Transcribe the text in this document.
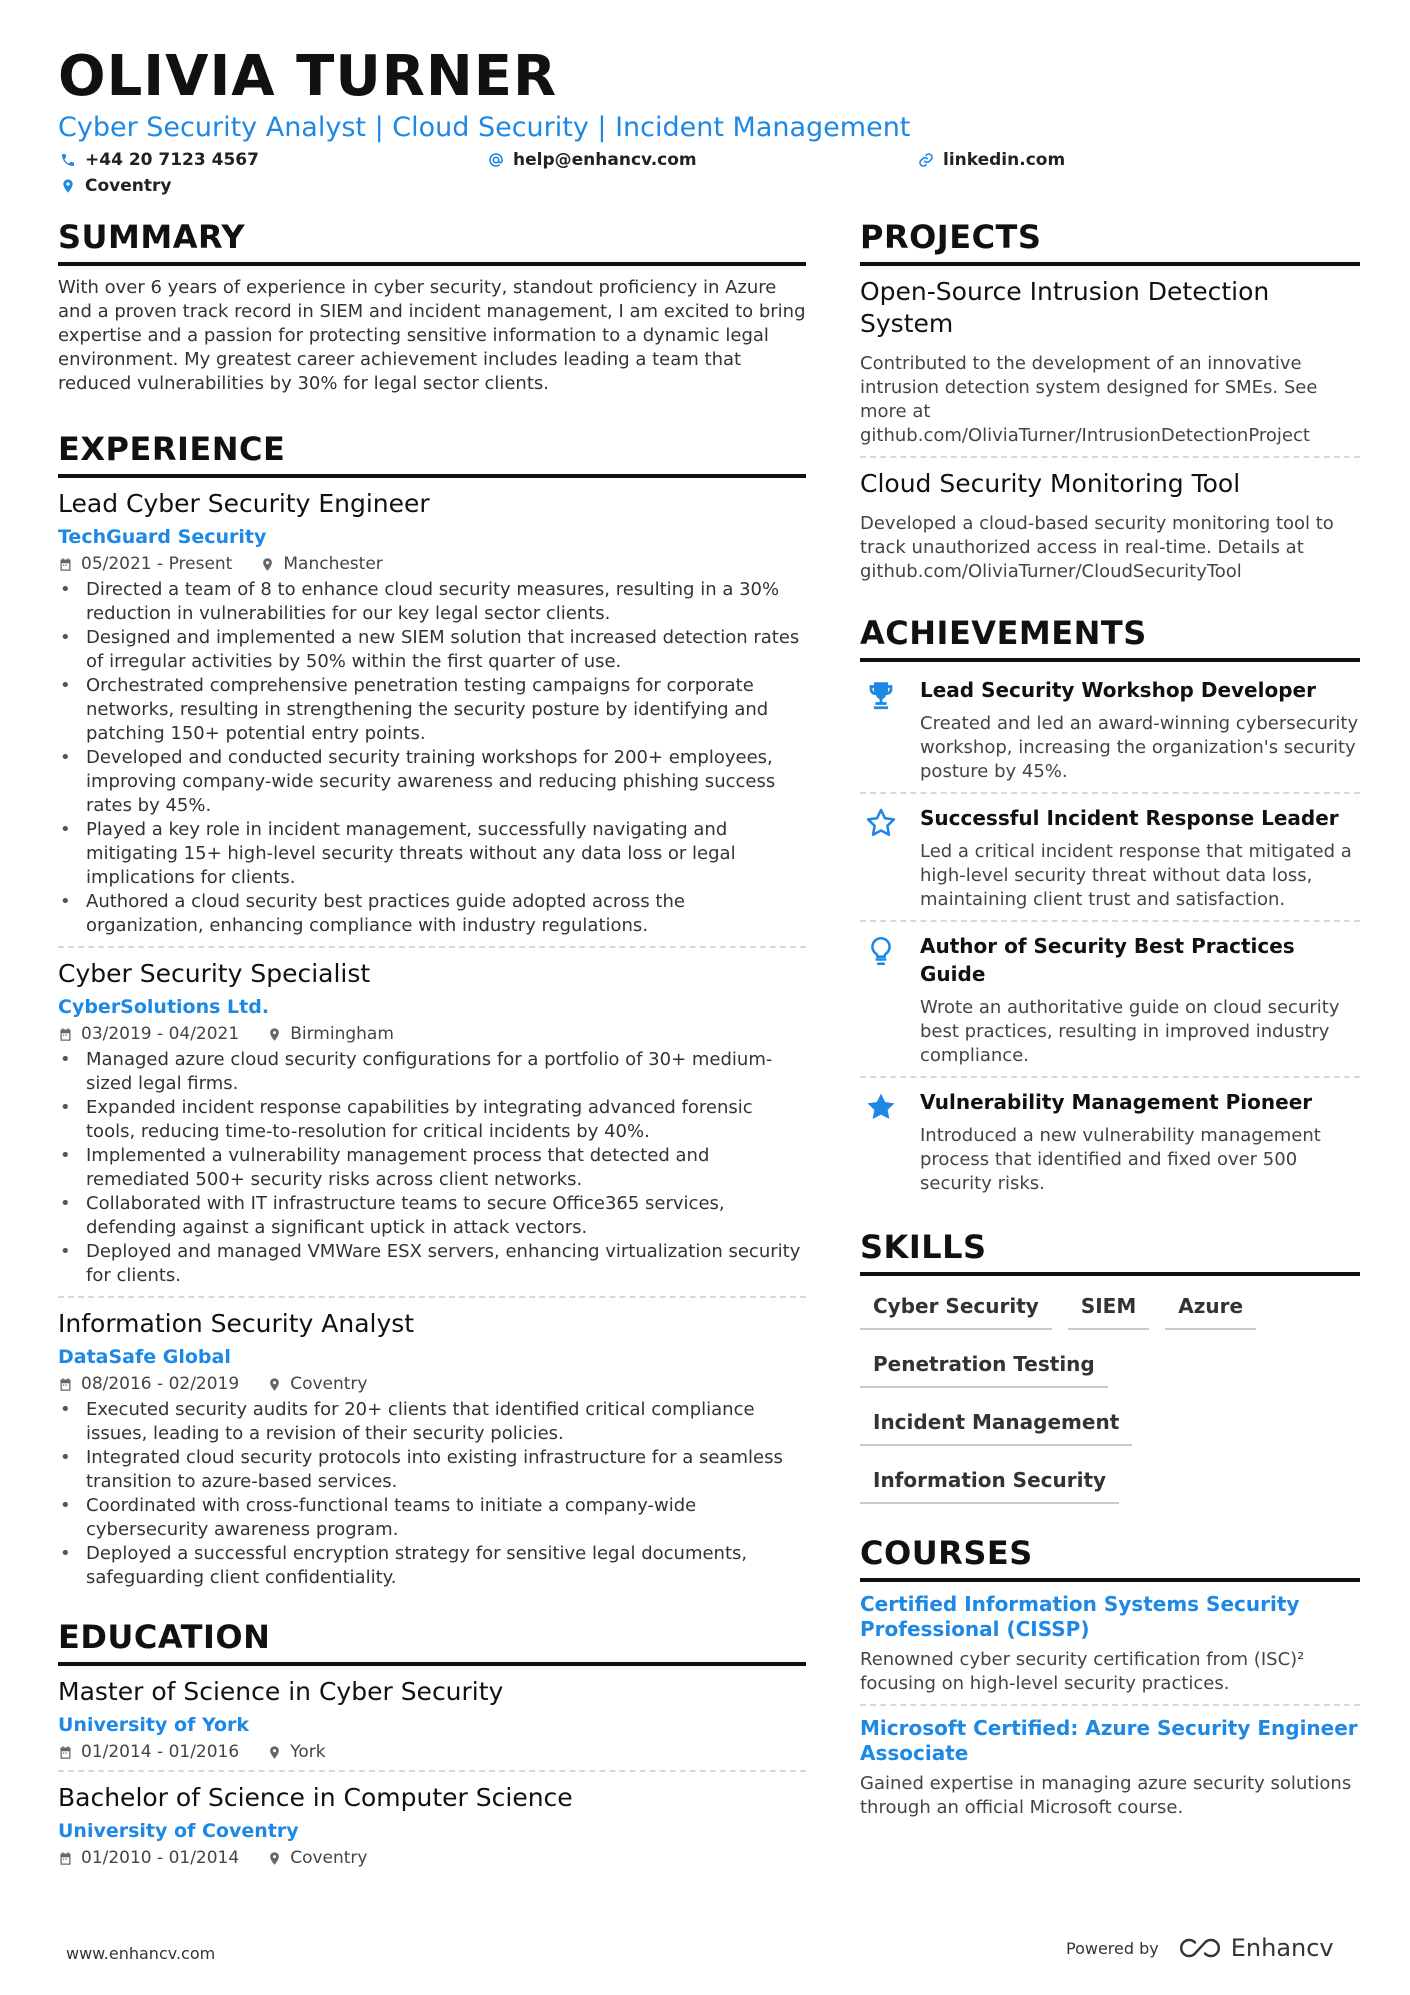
OLIVIA TURNER
Cyber Security Analyst | Cloud Security | Incident Management
+44 20 7123 4567	help@enhancv.com	linkedin.com
Coventry
SUMMARY

With over 6 years of experience in cyber security, standout proficiency in Azure and a proven track record in SIEM and incident management, I am excited to bring expertise and a passion for protecting sensitive information to a dynamic legal environment. My greatest career achievement includes leading a team that reduced vulnerabilities by 30% for legal sector clients.

EXPERIENCE
Lead Cyber Security Engineer
TechGuard Security
05/2021 - Present	Manchester
• Directed a team of 8 to enhance cloud security measures, resulting in a 30% reduction in vulnerabilities for our key legal sector clients.
• Designed and implemented a new SIEM solution that increased detection rates of irregular activities by 50% within the first quarter of use.
• Orchestrated comprehensive penetration testing campaigns for corporate networks, resulting in strengthening the security posture by identifying and patching 150+ potential entry points.
• Developed and conducted security training workshops for 200+ employees, improving company-wide security awareness and reducing phishing success rates by 45%.
• Played a key role in incident management, successfully navigating and mitigating 15+ high-level security threats without any data loss or legal implications for clients.
• Authored a cloud security best practices guide adopted across the organization, enhancing compliance with industry regulations.
Cyber Security Specialist
CyberSolutions Ltd.
03/2019 - 04/2021	Birmingham
• Managed azure cloud security configurations for a portfolio of 30+ medium-sized legal firms.
• Expanded incident response capabilities by integrating advanced forensic tools, reducing time-to-resolution for critical incidents by 40%.
• Implemented a vulnerability management process that detected and remediated 500+ security risks across client networks.
• Collaborated with IT infrastructure teams to secure Office365 services, defending against a significant uptick in attack vectors.
• Deployed and managed VMWare ESX servers, enhancing virtualization security for clients.
Information Security Analyst
DataSafe Global
08/2016 - 02/2019	Coventry
• Executed security audits for 20+ clients that identified critical compliance issues, leading to a revision of their security policies.
• Integrated cloud security protocols into existing infrastructure for a seamless transition to azure-based services.
• Coordinated with cross-functional teams to initiate a company-wide cybersecurity awareness program.
• Deployed a successful encryption strategy for sensitive legal documents, safeguarding client confidentiality.
EDUCATION
Master of Science in Cyber Security
University of York
01/2014 - 01/2016	York
Bachelor of Science in Computer Science
University of Coventry
01/2010 - 01/2014	Coventry
PROJECTS
Open-Source Intrusion Detection System
Contributed to the development of an innovative intrusion detection system designed for SMEs. See more at github.com/OliviaTurner/IntrusionDetectionProject
Cloud Security Monitoring Tool
Developed a cloud-based security monitoring tool to track unauthorized access in real-time. Details at github.com/OliviaTurner/CloudSecurityTool
ACHIEVEMENTS
Lead Security Workshop Developer
Created and led an award-winning cybersecurity workshop, increasing the organization's security posture by 45%.
Successful Incident Response Leader
Led a critical incident response that mitigated a high-level security threat without data loss, maintaining client trust and satisfaction.
Author of Security Best Practices Guide
Wrote an authoritative guide on cloud security best practices, resulting in improved industry compliance.
Vulnerability Management Pioneer
Introduced a new vulnerability management process that identified and fixed over 500 security risks.
SKILLS
Cyber Security	SIEM	Azure
Penetration Testing
Incident Management
Information Security
COURSES
Certified Information Systems Security Professional (CISSP)
Renowned cyber security certification from (ISC)² focusing on high-level security practices.
Microsoft Certified: Azure Security Engineer Associate
Gained expertise in managing azure security solutions through an official Microsoft course.
www.enhancv.com	Powered by	Enhancv
